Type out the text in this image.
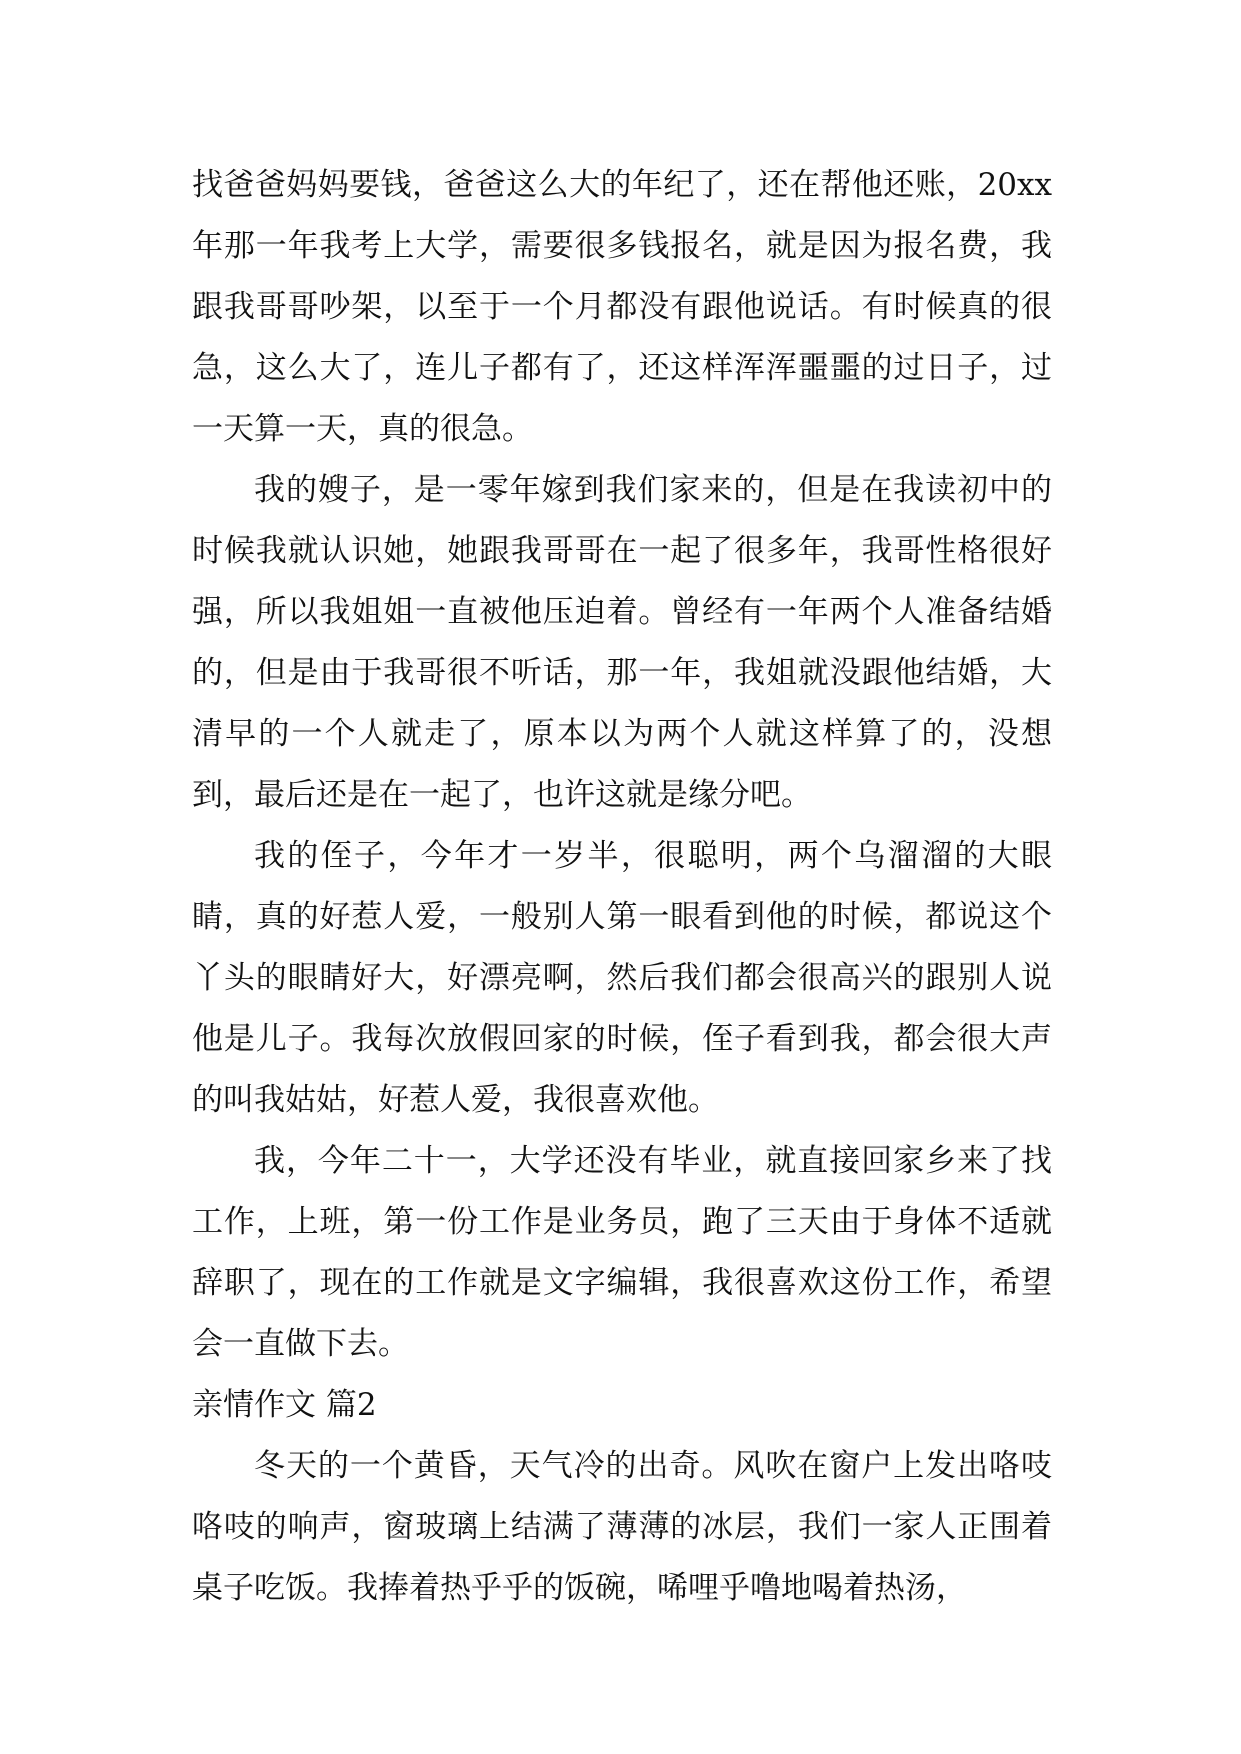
找爸爸妈妈要钱，爸爸这么大的年纪了，还在帮他还账，20xx年那一年我考上大学，需要很多钱报名，就是因为报名费，我跟我哥哥吵架，以至于一个月都没有跟他说话。有时候真的很急，这么大了，连儿子都有了，还这样浑浑噩噩的过日子，过一天算一天，真的很急。

我的嫂子，是一零年嫁到我们家来的，但是在我读初中的时候我就认识她，她跟我哥哥在一起了很多年，我哥性格很好强，所以我姐姐一直被他压迫着。曾经有一年两个人准备结婚的，但是由于我哥很不听话，那一年，我姐就没跟他结婚，大清早的一个人就走了，原本以为两个人就这样算了的，没想到，最后还是在一起了，也许这就是缘分吧。

我的侄子，今年才一岁半，很聪明，两个乌溜溜的大眼睛，真的好惹人爱，一般别人第一眼看到他的时候，都说这个丫头的眼睛好大，好漂亮啊，然后我们都会很高兴的跟别人说他是儿子。我每次放假回家的时候，侄子看到我，都会很大声的叫我姑姑，好惹人爱，我很喜欢他。

我，今年二十一，大学还没有毕业，就直接回家乡来了找工作，上班，第一份工作是业务员，跑了三天由于身体不适就辞职了，现在的工作就是文字编辑，我很喜欢这份工作，希望会一直做下去。

亲情作文 篇2

冬天的一个黄昏，天气冷的出奇。风吹在窗户上发出咯吱咯吱的响声，窗玻璃上结满了薄薄的冰层，我们一家人正围着桌子吃饭。我捧着热乎乎的饭碗，唏哩乎噜地喝着热汤，
